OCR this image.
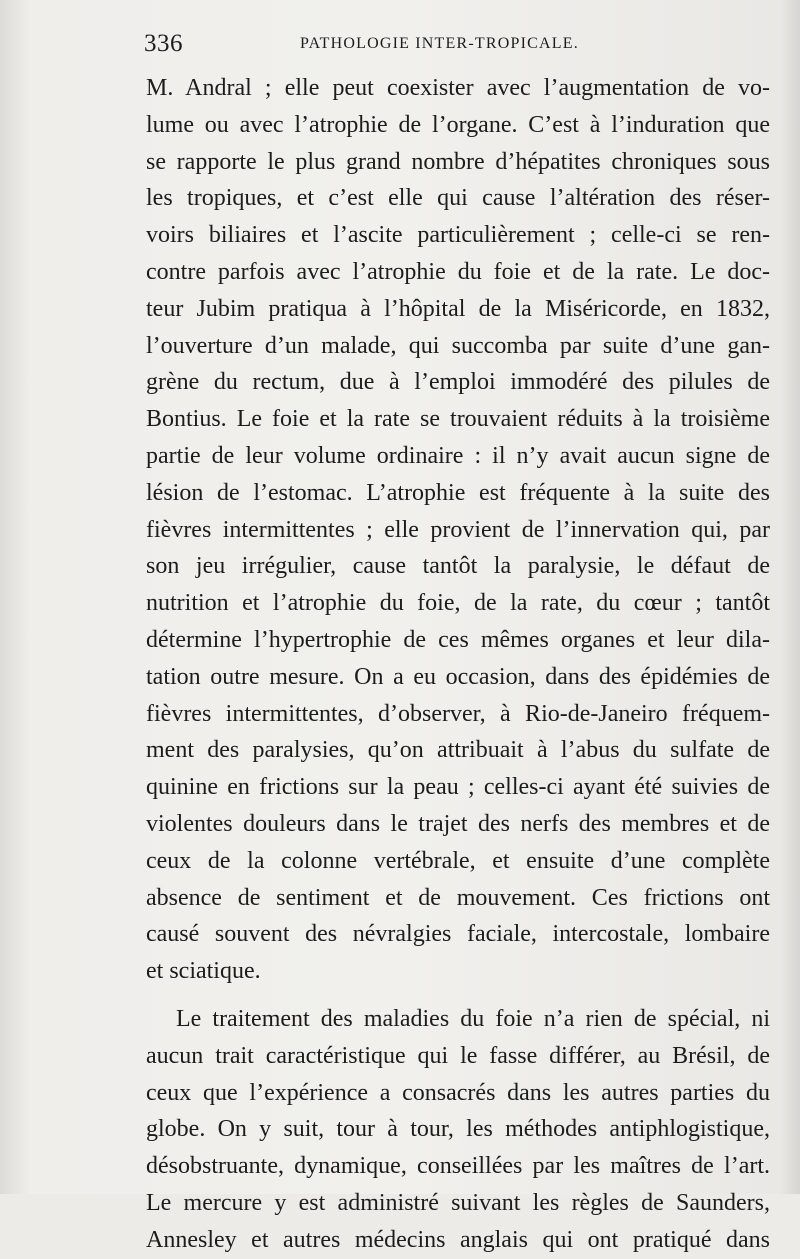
336	PATHOLOGIE INTER-TROPICALE.
M. Andral ; elle peut coexister avec l’augmentation de vo-
lume ou avec l’atrophie de l’organe. C’est à l’induration que
se rapporte le plus grand nombre d’hépatites chroniques sous
les tropiques, et c’est elle qui cause l’altération des réser-
voirs biliaires et l’ascite particulièrement ; celle-ci se ren-
contre parfois avec l’atrophie du foie et de la rate. Le doc-
teur Jubim pratiqua à l’hôpital de la Miséricorde, en 1832,
l’ouverture d’un malade, qui succomba par suite d’une gan-
grène du rectum, due à l’emploi immodéré des pilules de
Bontius. Le foie et la rate se trouvaient réduits à la troisième
partie de leur volume ordinaire : il n’y avait aucun signe de
lésion de l’estomac. L’atrophie est fréquente à la suite des
fièvres intermittentes ; elle provient de l’innervation qui, par
son jeu irrégulier, cause tantôt la paralysie, le défaut de
nutrition et l’atrophie du foie, de la rate, du cœur ; tantôt
détermine l’hypertrophie de ces mêmes organes et leur dila-
tation outre mesure. On a eu occasion, dans des épidémies de
fièvres intermittentes, d’observer, à Rio-de-Janeiro fréquem-
ment des paralysies, qu’on attribuait à l’abus du sulfate de
quinine en frictions sur la peau ; celles-ci ayant été suivies de
violentes douleurs dans le trajet des nerfs des membres et de
ceux de la colonne vertébrale, et ensuite d’une complète
absence de sentiment et de mouvement. Ces frictions ont
causé souvent des névralgies faciale, intercostale, lombaire
et sciatique.
Le traitement des maladies du foie n’a rien de spécial, ni
aucun trait caractéristique qui le fasse différer, au Brésil, de
ceux que l’expérience a consacrés dans les autres parties du
globe. On y suit, tour à tour, les méthodes antiphlogistique,
désobstruante, dynamique, conseillées par les maîtres de l’art.
Le mercure y est administré suivant les règles de Saunders,
Annesley et autres médecins anglais qui ont pratiqué dans
